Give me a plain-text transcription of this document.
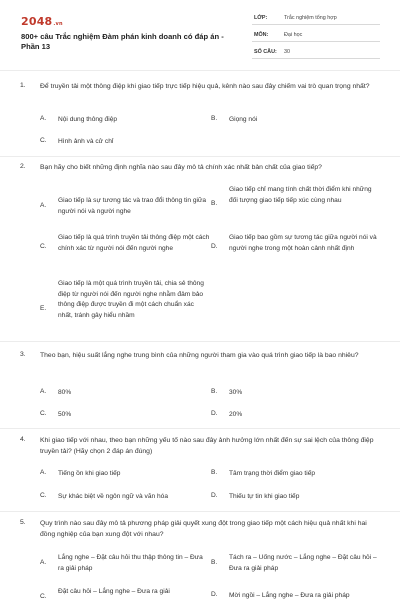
2048.vn
800+ câu Trắc nghiệm Đàm phán kinh doanh có đáp án - Phần 13
LỚP:	Trắc nghiệm tổng hợp
MÔN:	Đại học
SỐ CÂU: 30
1. Để truyền tải một thông điệp khi giao tiếp trực tiếp hiệu quả, kênh nào sau đây chiếm vai trò quan trọng nhất?
A. Nội dung thông điệp	B. Giọng nói
C. Hình ảnh và cử chỉ
2. Bạn hãy cho biết những định nghĩa nào sau đây mô tả chính xác nhất bản chất của giao tiếp?
A.
Giao tiếp là sự tương tác và trao đổi thông tin giữa người nói và người nghe
B.
Giao tiếp chỉ mang tính chất thời điểm khi những đối tượng giao tiếp tiếp xúc cùng nhau
C.
Giao tiếp là quá trình truyền tải thông điệp một cách chính xác từ người nói đến người nghe	D.
Giao tiếp bao gồm sự tương tác giữa người nói và người nghe trong một hoàn cảnh nhất định
E.
Giao tiếp là một quá trình truyền tải, chia sẻ thông điệp từ người nói đến người nghe nhằm đảm bảo thông điệp được truyền đi một cách chuẩn xác nhất, tránh gây hiểu nhầm
3. Theo bạn, hiệu suất lắng nghe trung bình của những người tham gia vào quá trình giao tiếp là bao nhiêu?
A. 80%	B. 30%
C. 50%	D. 20%
4. Khi giao tiếp với nhau, theo bạn những yếu tố nào sau đây ảnh hưởng lớn nhất đến sự sai lệch của thông điệp truyền tải? (Hãy chọn 2 đáp án đúng)
A. Tiếng ồn khi giao tiếp	B. Tâm trạng thời điểm giao tiếp
C. Sự khác biệt về ngôn ngữ và văn hóa	D. Thiếu tự tin khi giao tiếp
5. Quy trình nào sau đây mô tả phương pháp giải quyết xung đột trong giao tiếp một cách hiệu quả nhất khi hai đồng nghiệp của bạn xung đột với nhau?
A.
Lắng nghe – Đặt câu hỏi thu thập thông tin – Đưa ra giải pháp
B.
Tách ra – Uống nước – Lắng nghe – Đặt câu hỏi – Đưa ra giải pháp
C.
Đặt câu hỏi – Lắng nghe – Đưa ra giải	D. Mời ngồi – Lắng nghe – Đưa ra giải pháp
